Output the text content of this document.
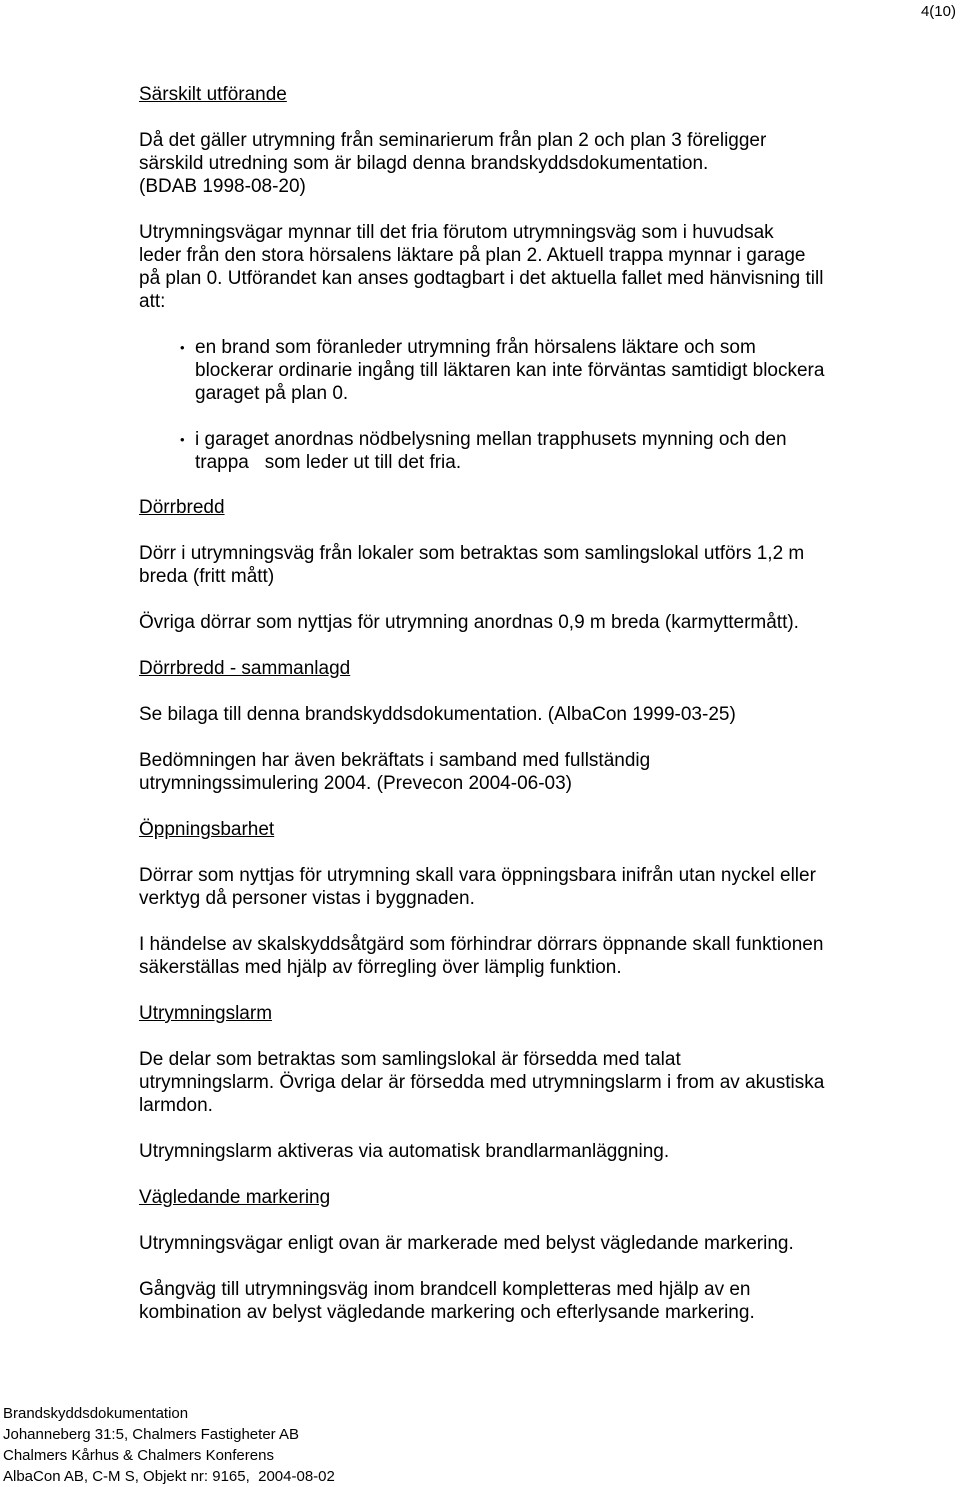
4(10)
Särskilt utförande

Då det gäller utrymning från seminarierum från plan 2 och plan 3 föreligger
särskild utredning som är bilagd denna brandskyddsdokumentation.
(BDAB 1998-08-20)

Utrymningsvägar mynnar till det fria förutom utrymningsväg som i huvudsak
leder från den stora hörsalens läktare på plan 2. Aktuell trappa mynnar i garage
på plan 0. Utförandet kan anses godtagbart i det aktuella fallet med hänvisning till
att:

• en brand som föranleder utrymning från hörsalens läktare och som
blockerar ordinarie ingång till läktaren kan inte förväntas samtidigt blockera
garaget på plan 0.
• i garaget anordnas nödbelysning mellan trapphusets mynning och den
trappa   som leder ut till det fria.
Dörrbredd

Dörr i utrymningsväg från lokaler som betraktas som samlingslokal utförs 1,2 m
breda (fritt mått)

Övriga dörrar som nyttjas för utrymning anordnas 0,9 m breda (karmyttermått).

Dörrbredd - sammanlagd

Se bilaga till denna brandskyddsdokumentation. (AlbaCon 1999-03-25)

Bedömningen har även bekräftats i samband med fullständig
utrymningssimulering 2004. (Prevecon 2004-06-03)

Öppningsbarhet

Dörrar som nyttjas för utrymning skall vara öppningsbara inifrån utan nyckel eller
verktyg då personer vistas i byggnaden.

I händelse av skalskyddsåtgärd som förhindrar dörrars öppnande skall funktionen
säkerställas med hjälp av förregling över lämplig funktion.

Utrymningslarm

De delar som betraktas som samlingslokal är försedda med talat
utrymningslarm. Övriga delar är försedda med utrymningslarm i from av akustiska
larmdon.

Utrymningslarm aktiveras via automatisk brandlarmanläggning.

Vägledande markering

Utrymningsvägar enligt ovan är markerade med belyst vägledande markering.

Gångväg till utrymningsväg inom brandcell kompletteras med hjälp av en
kombination av belyst vägledande markering och efterlysande markering.

Brandskyddsdokumentation
Johanneberg 31:5, Chalmers Fastigheter AB
Chalmers Kårhus & Chalmers Konferens
AlbaCon AB, C-M S, Objekt nr: 9165,  2004-08-02
